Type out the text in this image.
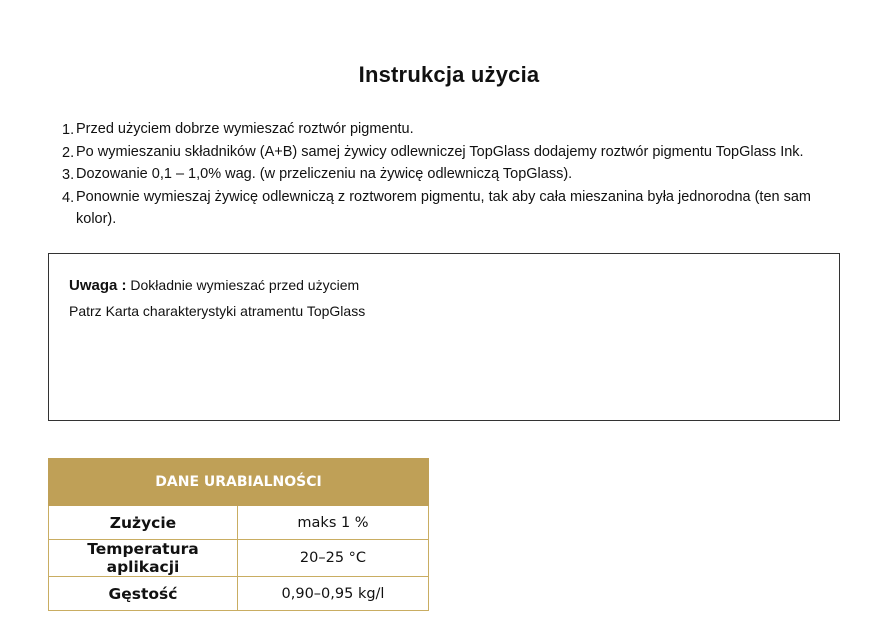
Instrukcja użycia
1. Przed użyciem dobrze wymieszać roztwór pigmentu.
2. Po wymieszaniu składników (A+B) samej żywicy odlewniczej TopGlass dodajemy roztwór pigmentu TopGlass Ink.
3. Dozowanie 0,1 – 1,0% wag. (w przeliczeniu na żywicę odlewniczą TopGlass).
4. Ponownie wymieszaj żywicę odlewniczą z roztworem pigmentu, tak aby cała mieszanina była jednorodna (ten sam kolor).
Uwaga : Dokładnie wymieszać przed użyciem
Patrz Karta charakterystyki atramentu TopGlass
DANE URABIALNOŚCI	
Zużycie	maks 1 %
Temperatura aplikacji	20–25 °C
Gęstość	0,90–0,95 kg/l
